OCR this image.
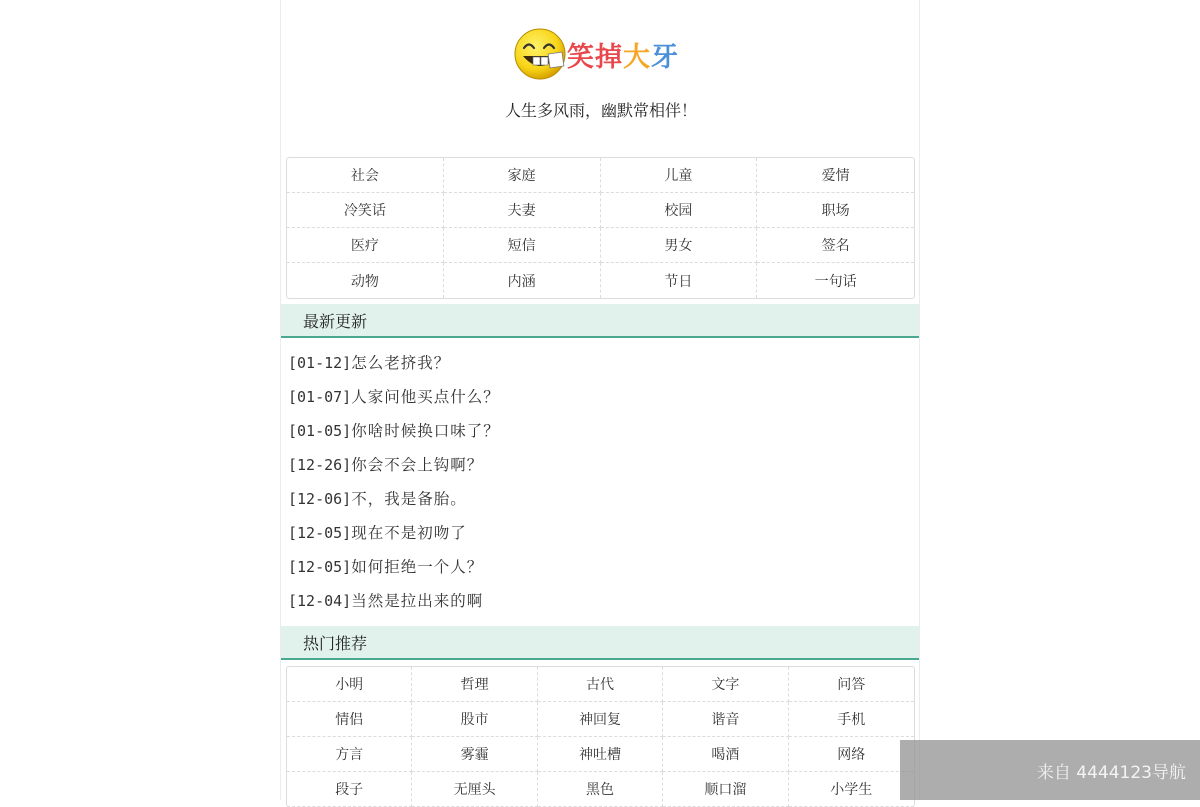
笑 掉 大 牙
人生多风雨，幽默常相伴！
社会	家庭	儿童	爱情
冷笑话	夫妻	校园	职场
医疗	短信	男女	签名
动物	内涵	节日	一句话
最新更新
[01-12]怎么老挤我？
[01-07]人家问他买点什么？
[01-05]你啥时候换口味了？
[12-26]你会不会上钩啊？
[12-06]不，我是备胎。
[12-05]现在不是初吻了
[12-05]如何拒绝一个人？
[12-04]当然是拉出来的啊
热门推荐
小明	哲理	古代	文字	问答
情侣	股市	神回复	谐音	手机
方言	雾霾	神吐槽	喝酒	网络
段子	无厘头	黑色	顺口溜	小学生
来自 4444123导航
